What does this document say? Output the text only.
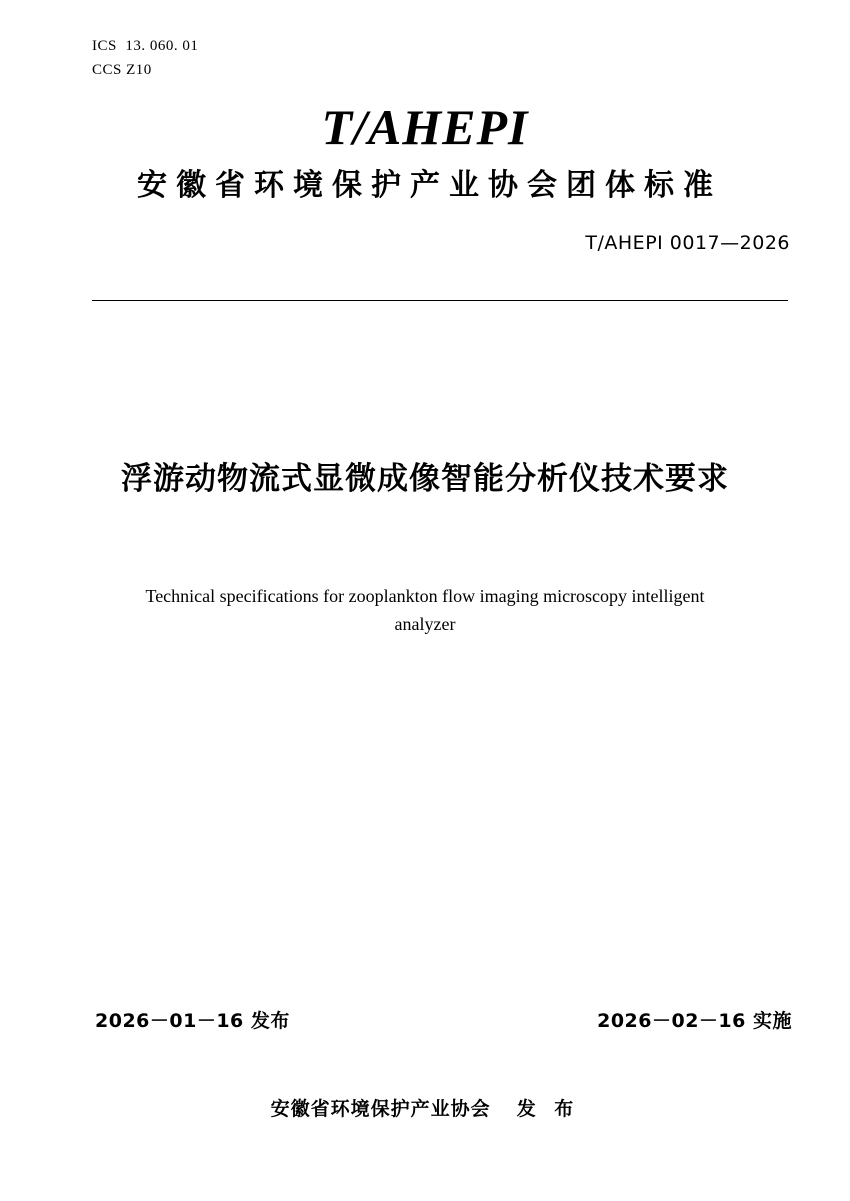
ICS 13. 060. 01
CCS Z10
T/AHEPI
安徽省环境保护产业协会团体标准
T/AHEPI 0017—2026
浮游动物流式显微成像智能分析仪技术要求
Technical specifications for zooplankton flow imaging microscopy intelligent analyzer
2026－01－16 发布	2026－02－16 实施
安徽省环境保护产业协会 发 布
